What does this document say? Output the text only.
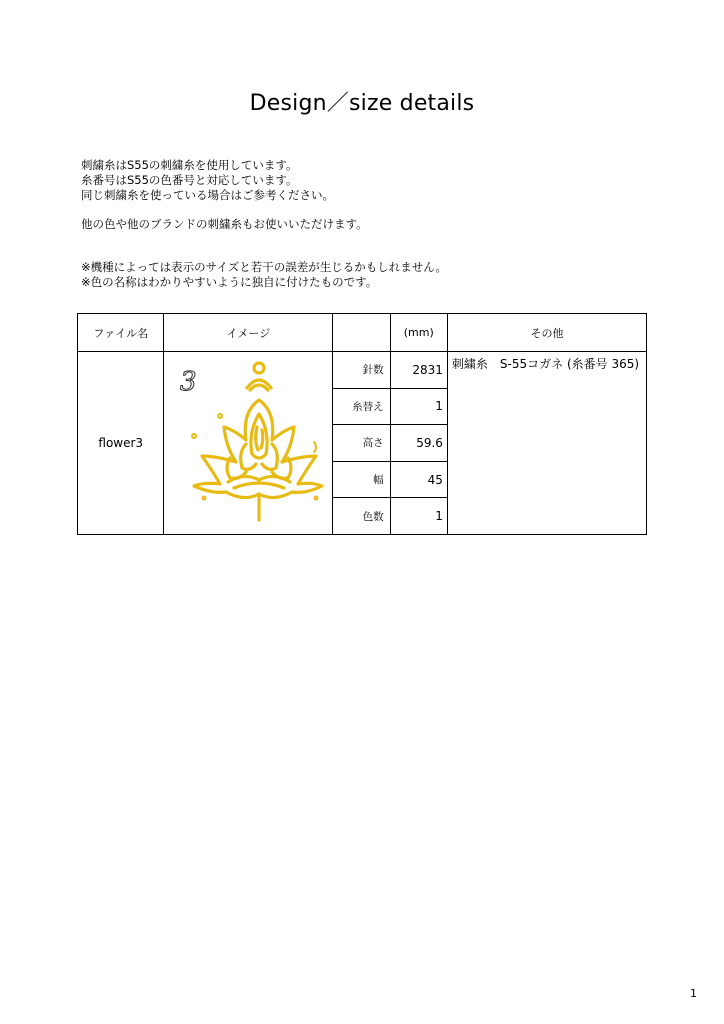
Design／size details

刺繍糸はS55の刺繍糸を使用しています。

糸番号はS55の色番号と対応しています。

同じ刺繍糸を使っている場合はご参考ください。

他の色や他のブランドの刺繍糸もお使いいただけます。

※機種によっては表示のサイズと若干の誤差が生じるかもしれません。

※色の名称はわかりやすいように独自に付けたものです。

ファイル名	イメージ		(mm)	その他
flower3	3	針数	2831	刺繍糸　S-55コガネ (糸番号 365)
		糸替え	1	
		高さ	59.6	
		幅	45	
		色数	1	
1
